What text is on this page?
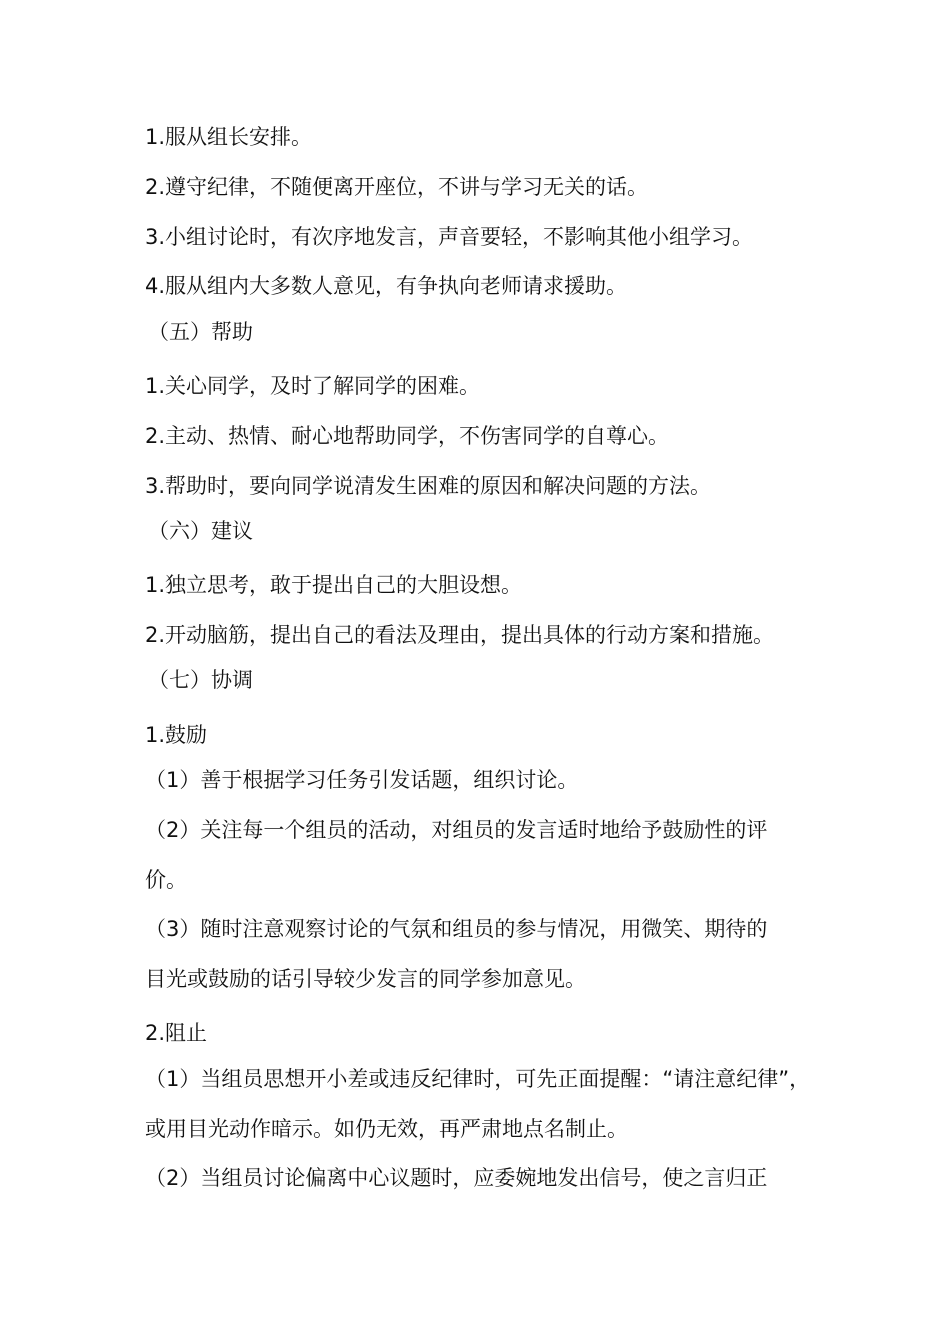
1.服从组长安排。
2.遵守纪律，不随便离开座位，不讲与学习无关的话。
3.小组讨论时，有次序地发言，声音要轻，不影响其他小组学习。
4.服从组内大多数人意见，有争执向老师请求援助。
（五）帮助
1.关心同学，及时了解同学的困难。
2.主动、热情、耐心地帮助同学，不伤害同学的自尊心。
3.帮助时，要向同学说清发生困难的原因和解决问题的方法。
（六）建议
1.独立思考，敢于提出自己的大胆设想。
2.开动脑筋，提出自己的看法及理由，提出具体的行动方案和措施。
（七）协调
1.鼓励
（1）善于根据学习任务引发话题，组织讨论。
（2）关注每一个组员的活动，对组员的发言适时地给予鼓励性的评
价。
（3）随时注意观察讨论的气氛和组员的参与情况，用微笑、期待的
目光或鼓励的话引导较少发言的同学参加意见。
2.阻止
（1）当组员思想开小差或违反纪律时，可先正面提醒：“请注意纪律”，
或用目光动作暗示。如仍无效，再严肃地点名制止。
（2）当组员讨论偏离中心议题时，应委婉地发出信号，使之言归正
